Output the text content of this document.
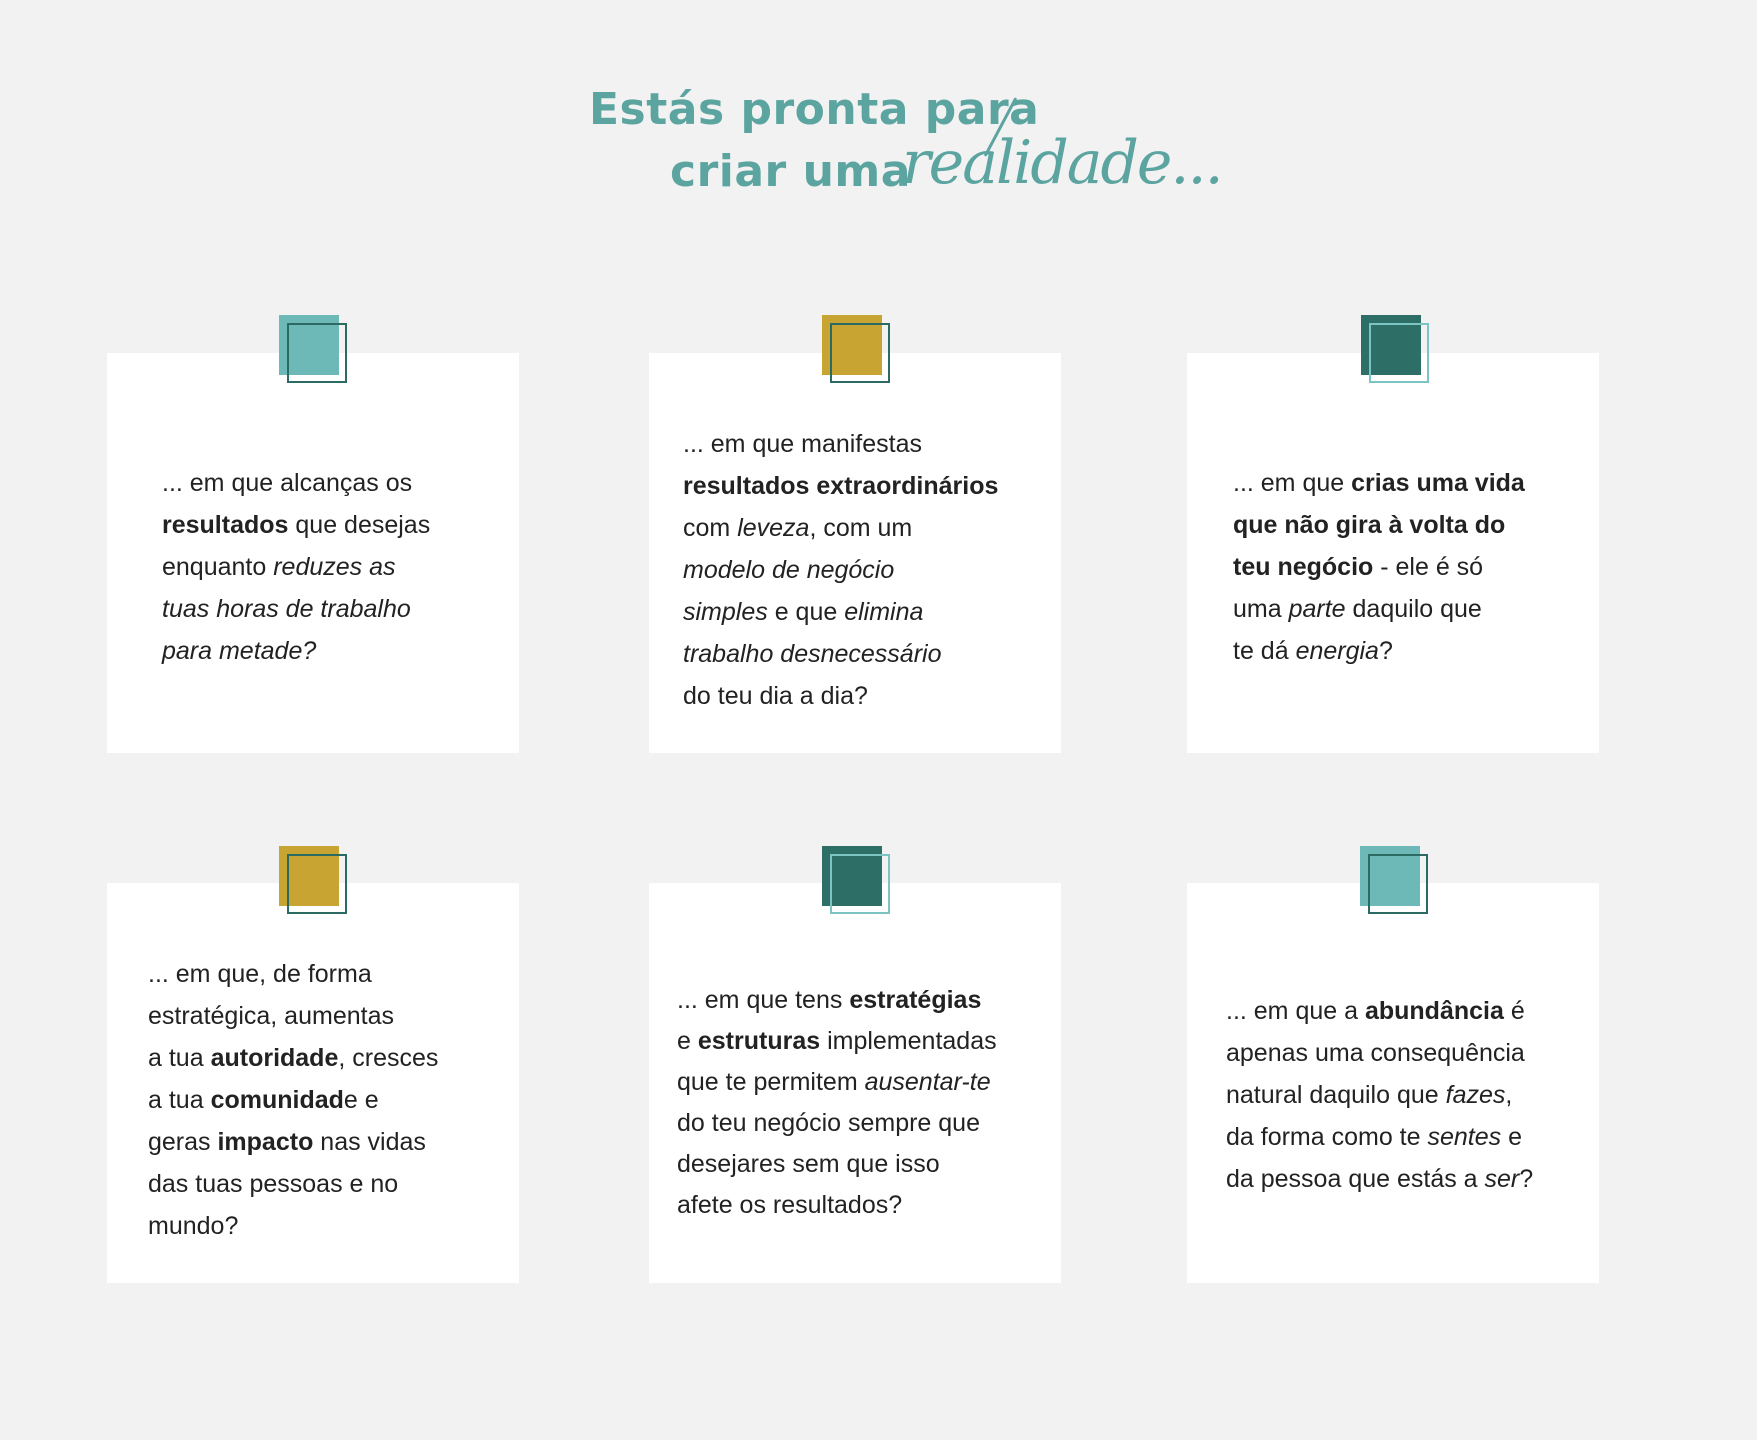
Estás pronta para
criar uma
realidade...
... em que alcanças os
resultados que desejas
enquanto reduzes as
tuas horas de trabalho
para metade?
... em que manifestas
resultados extraordinários
com leveza, com um
modelo de negócio
simples e que elimina
trabalho desnecessário
do teu dia a dia?
... em que crias uma vida
que não gira à volta do
teu negócio - ele é só
uma parte daquilo que
te dá energia?
... em que, de forma
estratégica, aumentas
a tua autoridade, cresces
a tua comunidade e
geras impacto nas vidas
das tuas pessoas e no
mundo?
... em que tens estratégias
e estruturas implementadas
que te permitem ausentar-te
do teu negócio sempre que
desejares sem que isso
afete os resultados?
... em que a abundância é
apenas uma consequência
natural daquilo que fazes,
da forma como te sentes e
da pessoa que estás a ser?
